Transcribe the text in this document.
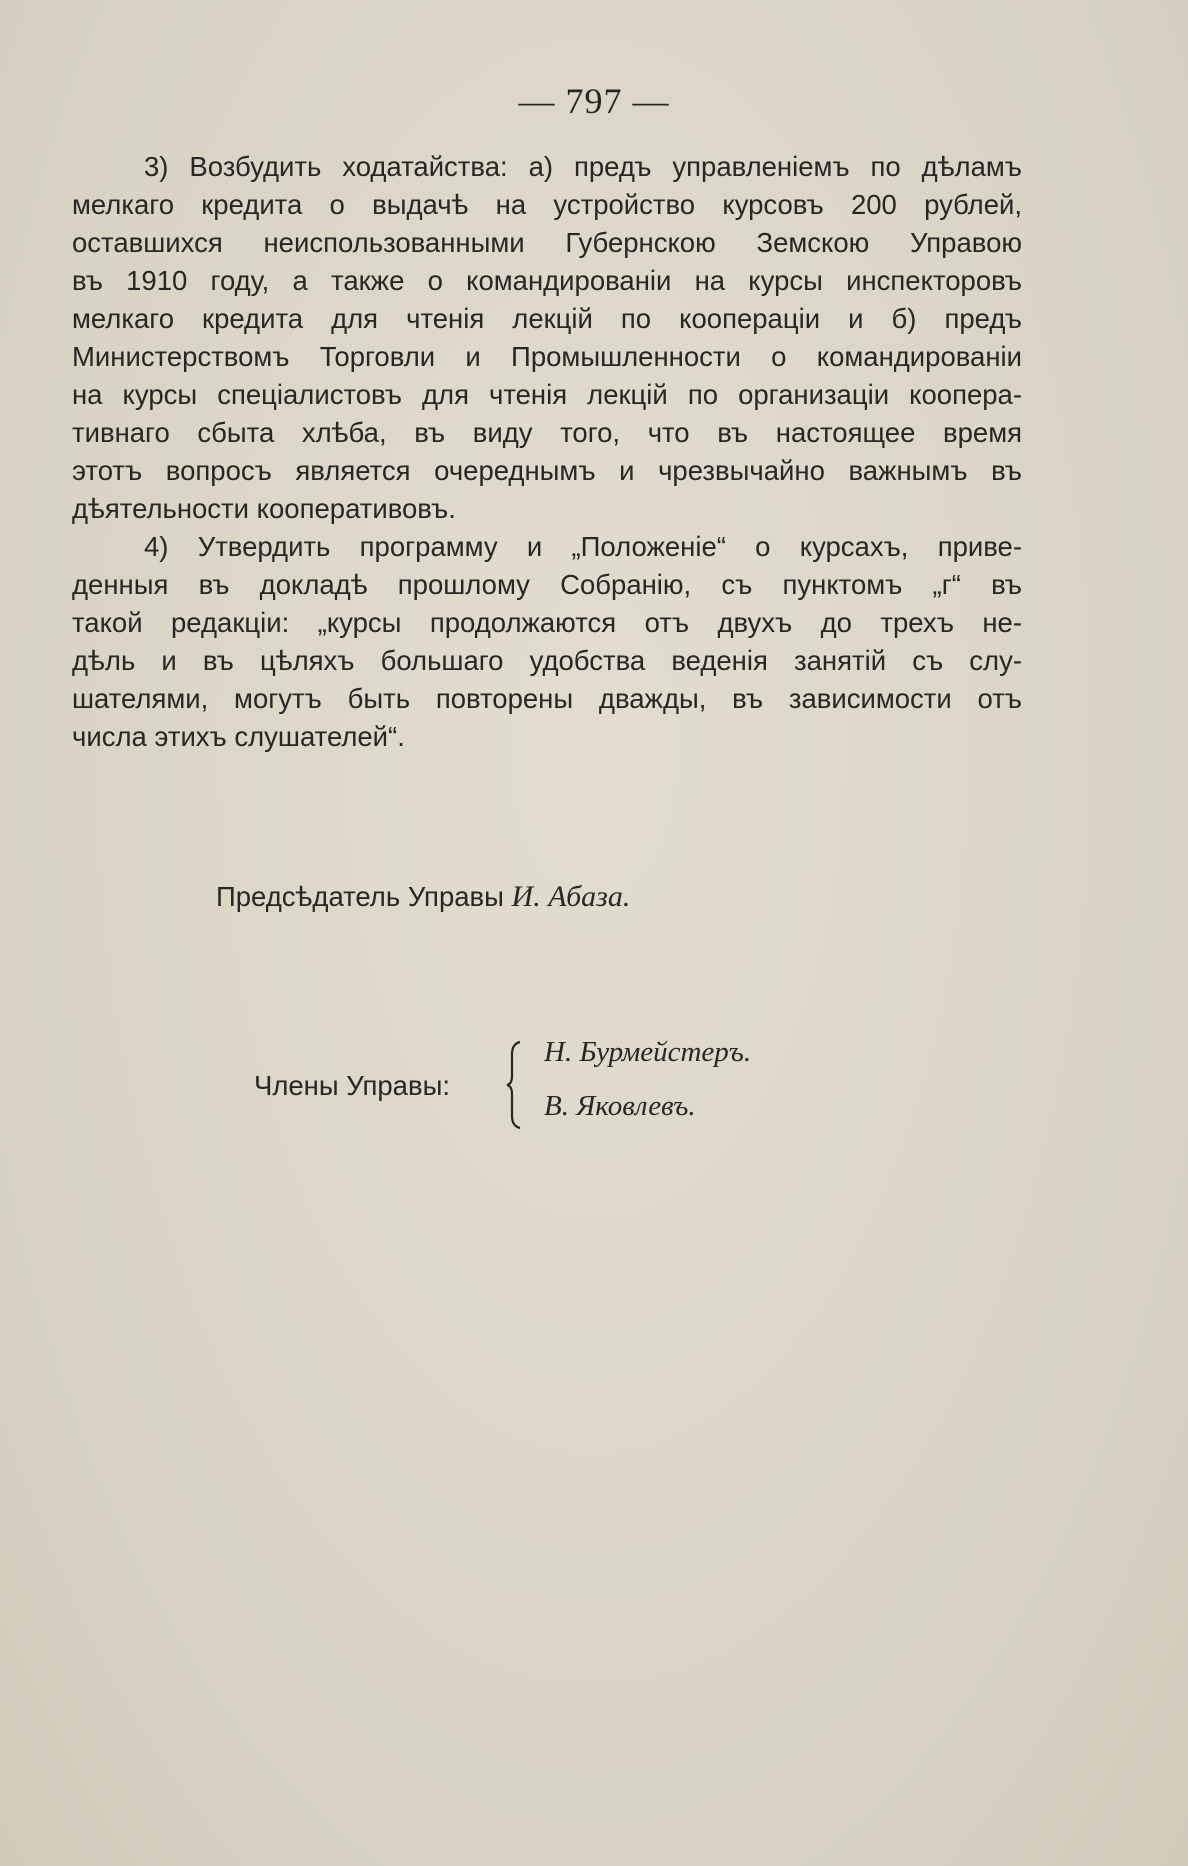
— 797 —
3) Возбудить ходатайства: а) предъ управленіемъ по дѣламъ
мелкаго кредита о выдачѣ на устройство курсовъ 200 рублей,
оставшихся неиспользованными Губернскою Земскою Управою
въ 1910 году, а также о командированіи на курсы инспекторовъ
мелкаго кредита для чтенія лекцій по коопераціи и б) предъ
Министерствомъ Торговли и Промышленности о командированіи
на курсы спеціалистовъ для чтенія лекцій по организаціи коопера-
тивнаго сбыта хлѣба, въ виду того, что въ настоящее время
этотъ вопросъ является очереднымъ и чрезвычайно важнымъ въ
дѣятельности кооперативовъ.
4) Утвердить программу и „Положеніе“ о курсахъ, приве-
денныя въ докладѣ прошлому Собранію, съ пунктомъ „г“ въ
такой редакціи: „курсы продолжаются отъ двухъ до трехъ не-
дѣль и въ цѣляхъ большаго удобства веденія занятій съ слу-
шателями, могутъ быть повторены дважды, въ зависимости отъ
числа этихъ слушателей“.
Предсѣдатель Управы И. Абаза.
Члены Управы:
Н. Бурмейстеръ.
В. Яковлевъ.
